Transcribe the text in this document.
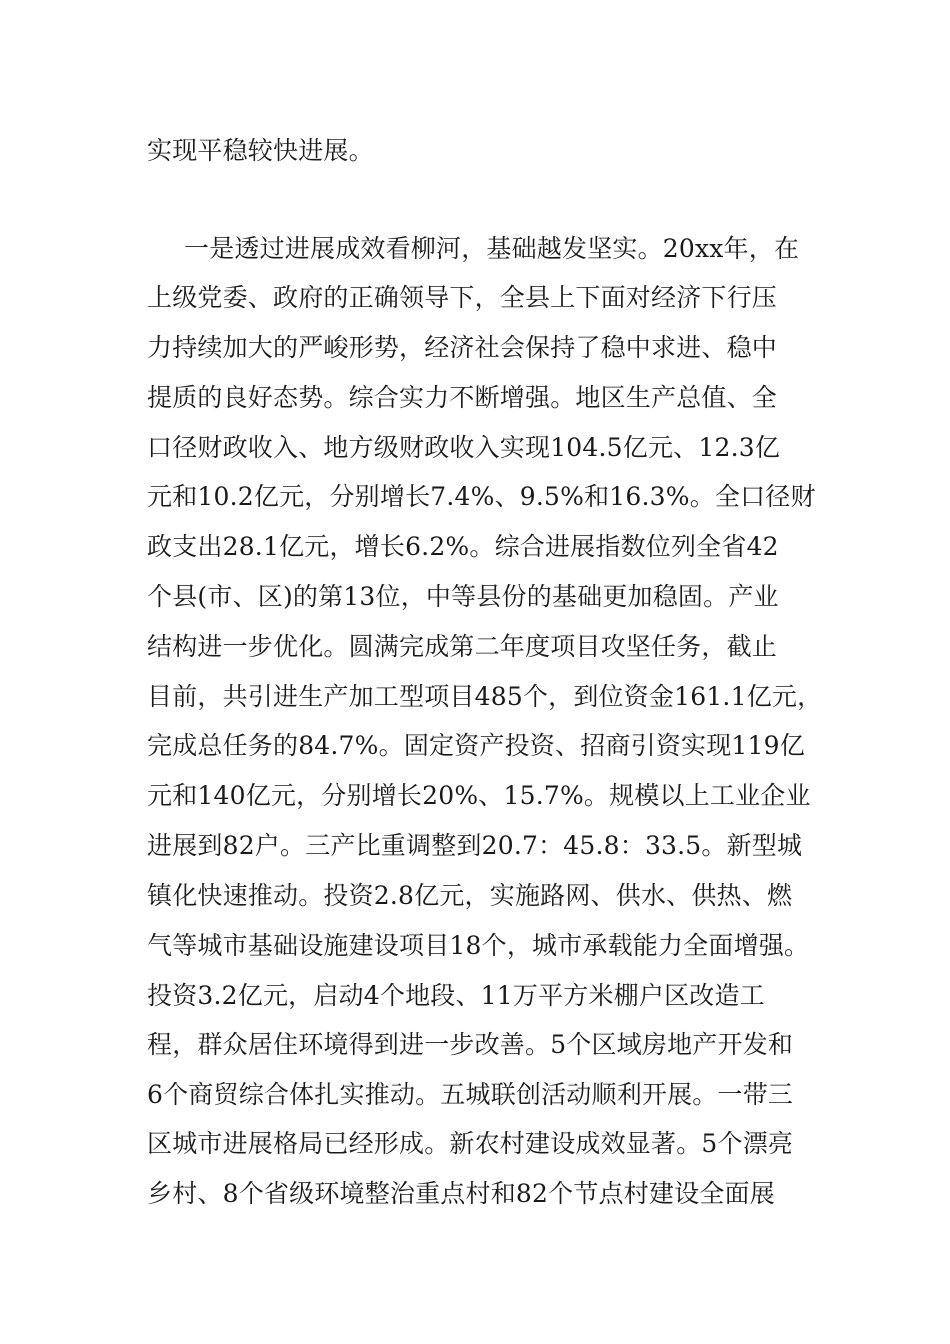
实现平稳较快进展。
一是透过进展成效看柳河，基础越发坚实。20xx年，在
上级党委、政府的正确领导下，全县上下面对经济下行压
力持续加大的严峻形势，经济社会保持了稳中求进、稳中
提质的良好态势。综合实力不断增强。地区生产总值、全
口径财政收入、地方级财政收入实现104.5亿元、12.3亿
元和10.2亿元，分别增长7.4%、9.5%和16.3%。全口径财
政支出28.1亿元，增长6.2%。综合进展指数位列全省42
个县(市、区)的第13位，中等县份的基础更加稳固。产业
结构进一步优化。圆满完成第二年度项目攻坚任务，截止
目前，共引进生产加工型项目485个，到位资金161.1亿元，
完成总任务的84.7%。固定资产投资、招商引资实现119亿
元和140亿元，分别增长20%、15.7%。规模以上工业企业
进展到82户。三产比重调整到20.7：45.8：33.5。新型城
镇化快速推动。投资2.8亿元，实施路网、供水、供热、燃
气等城市基础设施建设项目18个，城市承载能力全面增强。
投资3.2亿元，启动4个地段、11万平方米棚户区改造工
程，群众居住环境得到进一步改善。5个区域房地产开发和
6个商贸综合体扎实推动。五城联创活动顺利开展。一带三
区城市进展格局已经形成。新农村建设成效显著。5个漂亮
乡村、8个省级环境整治重点村和82个节点村建设全面展
